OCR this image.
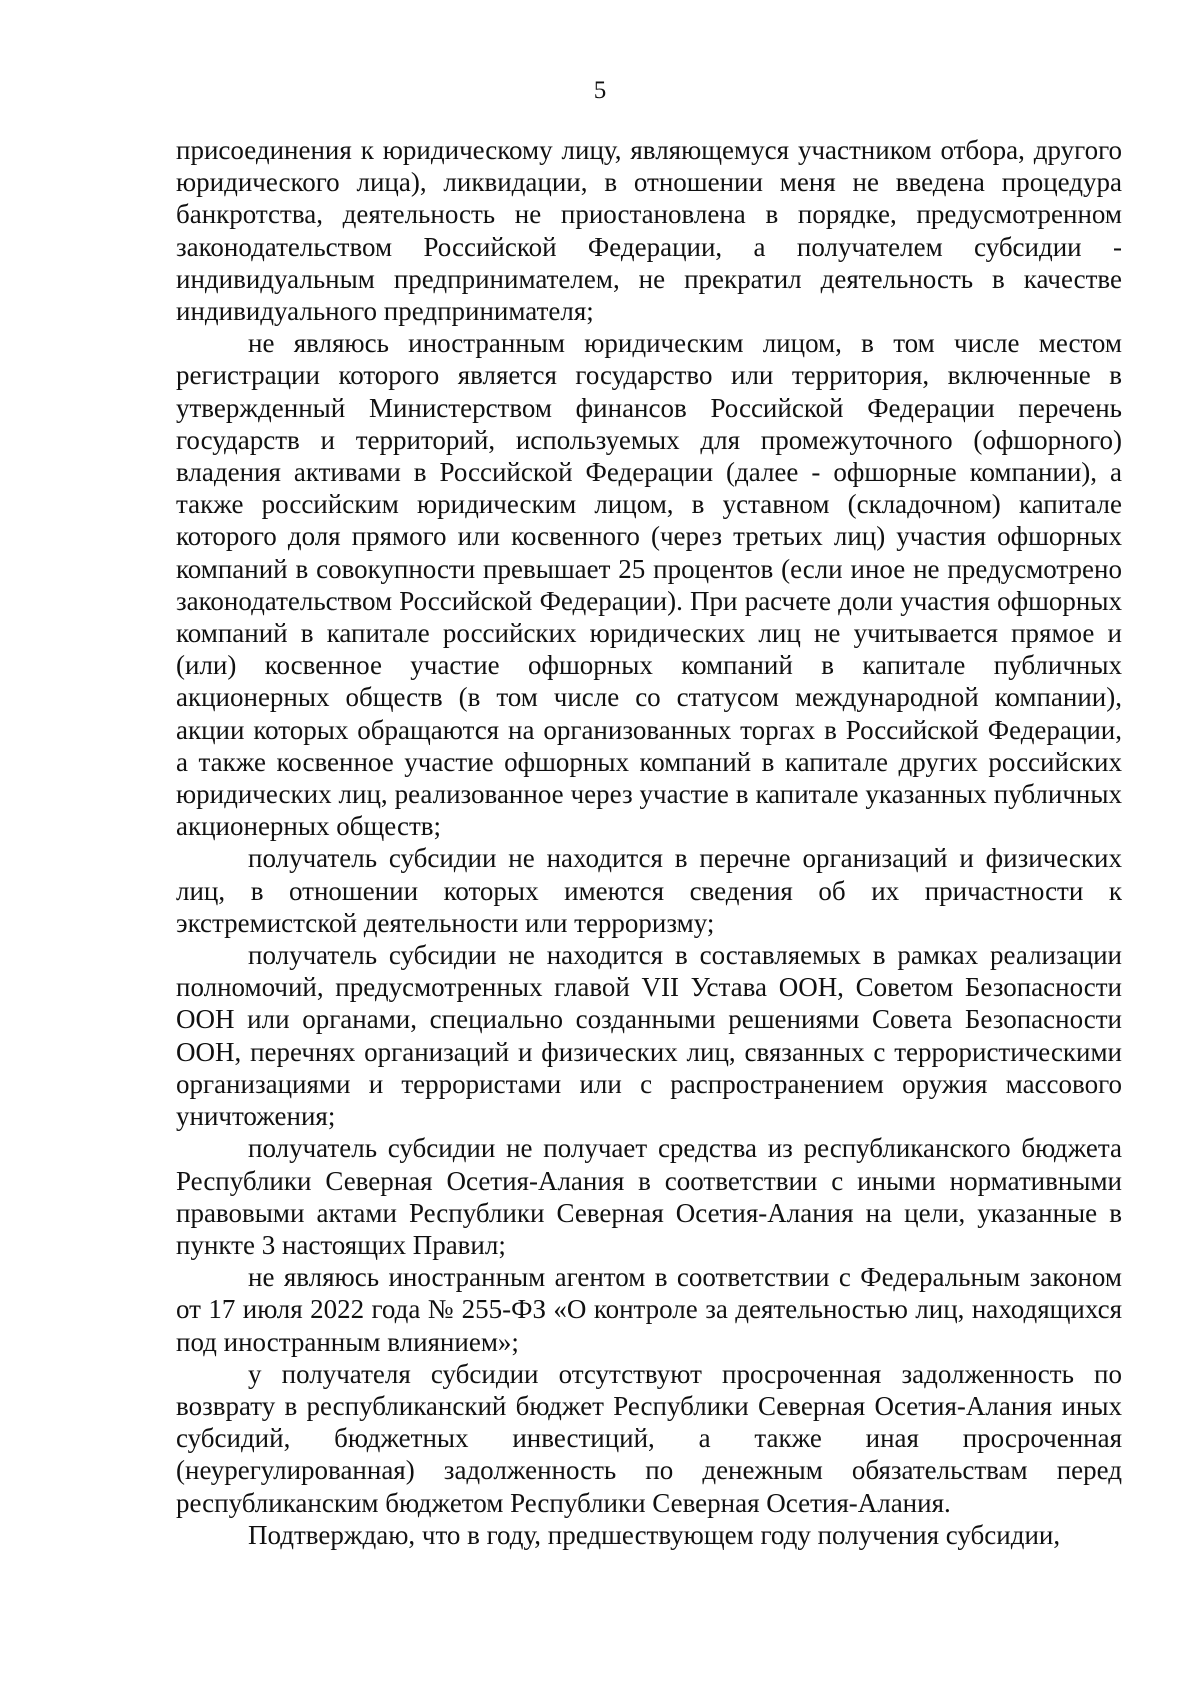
5

присоединения к юридическому лицу, являющемуся участником отбора, другого юридического лица), ликвидации, в отношении меня не введена процедура банкротства, деятельность не приостановлена в порядке, предусмотренном законодательством Российской Федерации, а получателем субсидии - индивидуальным предпринимателем, не прекратил деятельность в качестве индивидуального предпринимателя;

не являюсь иностранным юридическим лицом, в том числе местом регистрации которого является государство или территория, включенные в утвержденный Министерством финансов Российской Федерации перечень государств и территорий, используемых для промежуточного (офшорного) владения активами в Российской Федерации (далее - офшорные компании), а также российским юридическим лицом, в уставном (складочном) капитале которого доля прямого или косвенного (через третьих лиц) участия офшорных компаний в совокупности превышает 25 процентов (если иное не предусмотрено законодательством Российской Федерации). При расчете доли участия офшорных компаний в капитале российских юридических лиц не учитывается прямое и (или) косвенное участие офшорных компаний в капитале публичных акционерных обществ (в том числе со статусом международной компании), акции которых обращаются на организованных торгах в Российской Федерации, а также косвенное участие офшорных компаний в капитале других российских юридических лиц, реализованное через участие в капитале указанных публичных акционерных обществ;

получатель субсидии не находится в перечне организаций и физических лиц, в отношении которых имеются сведения об их причастности к экстремистской деятельности или терроризму;

получатель субсидии не находится в составляемых в рамках реализации полномочий, предусмотренных главой VII Устава ООН, Советом Безопасности ООН или органами, специально созданными решениями Совета Безопасности ООН, перечнях организаций и физических лиц, связанных с террористическими организациями и террористами или с распространением оружия массового уничтожения;

получатель субсидии не получает средства из республиканского бюджета Республики Северная Осетия-Алания в соответствии с иными нормативными правовыми актами Республики Северная Осетия-Алания на цели, указанные в пункте 3 настоящих Правил;

не являюсь иностранным агентом в соответствии с Федеральным законом от 17 июля 2022 года № 255-ФЗ «О контроле за деятельностью лиц, находящихся под иностранным влиянием»;

у получателя субсидии отсутствуют просроченная задолженность по возврату в республиканский бюджет Республики Северная Осетия-Алания иных субсидий, бюджетных инвестиций, а также иная просроченная (неурегулированная) задолженность по денежным обязательствам перед республиканским бюджетом Республики Северная Осетия-Алания.

Подтверждаю, что в году, предшествующем году получения субсидии,
